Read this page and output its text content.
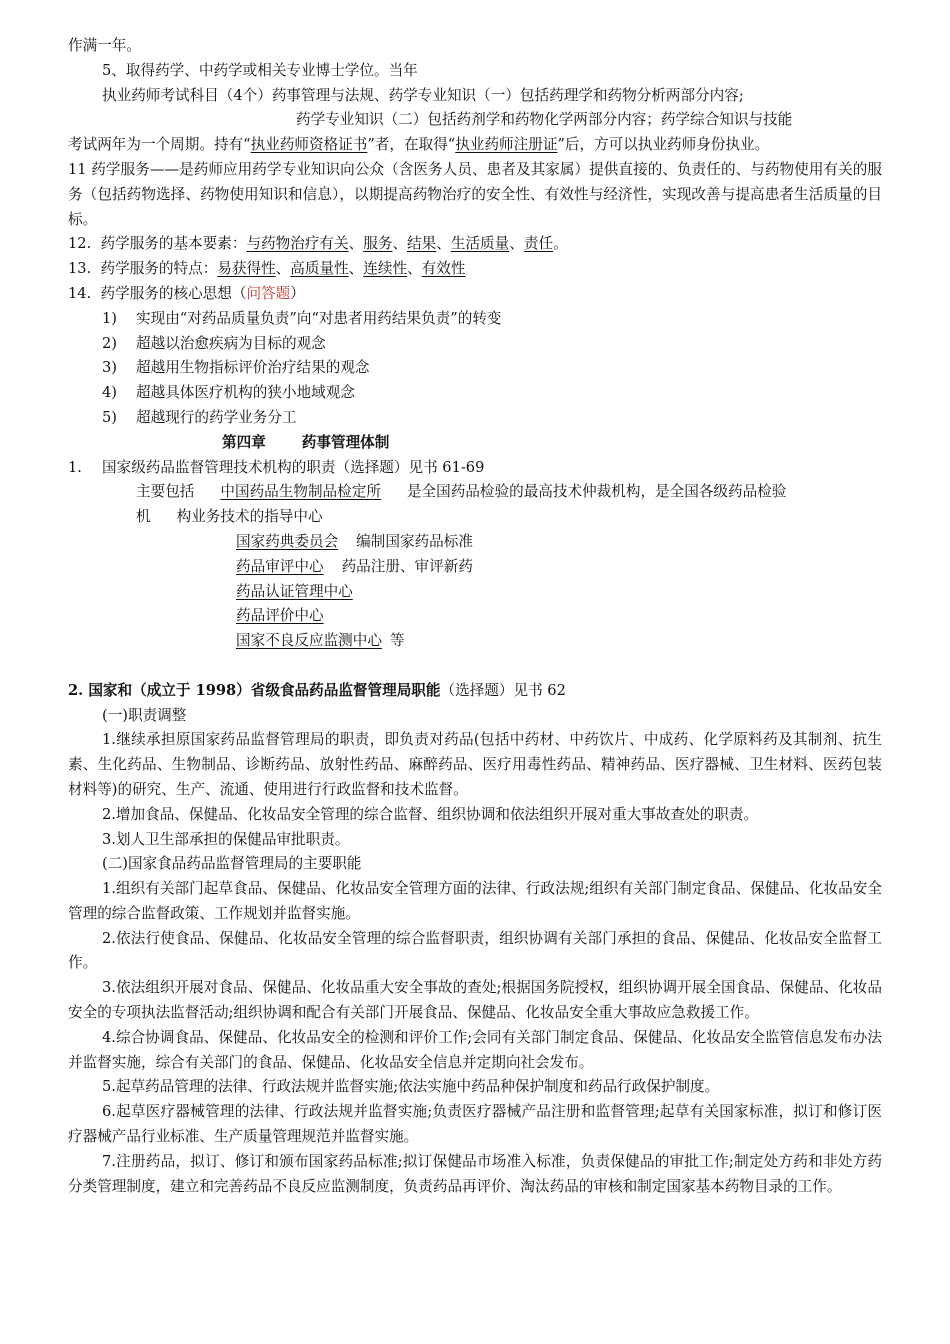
作满一年。

5、取得药学、中药学或相关专业博士学位。当年

执业药师考试科目（4个）药事管理与法规、药学专业知识（一）包括药理学和药物分析两部分内容;

药学专业知识（二）包括药剂学和药物化学两部分内容；药学综合知识与技能

考试两年为一个周期。持有“执业药师资格证书”者，在取得“执业药师注册证”后，方可以执业药师身份执业。

11 药学服务——是药师应用药学专业知识向公众（含医务人员、患者及其家属）提供直接的、负责任的、与药物使用有关的服务（包括药物选择、药物使用知识和信息），以期提高药物治疗的安全性、有效性与经济性，实现改善与提高患者生活质量的目标。

12. 药学服务的基本要素：与药物治疗有关、服务、结果、生活质量、责任。

13. 药学服务的特点：易获得性、高质量性、连续性、有效性

14. 药学服务的核心思想（问答题）

1)	实现由“对药品质量负责”向“对患者用药结果负责”的转变
2)	超越以治愈疾病为目标的观念
3)	超越用生物指标评价治疗结果的观念
4)	超越具体医疗机构的狭小地域观念
5)	超越现行的药学业务分工

第四章 药事管理体制

1.	国家级药品监督管理技术机构的职责（选择题）见书 61-69

主要包括 中国药品生物制品检定所 是全国药品检验的最高技术仲裁机构，是全国各级药品检验

机 构业务技术的指导中心

国家药典委员会 编制国家药品标准

药品审评中心 药品注册、审评新药

药品认证管理中心

药品评价中心

国家不良反应监测中心 等

2. 国家和（成立于 1998）省级食品药品监督管理局职能（选择题）见书 62

(一)职责调整

1.继续承担原国家药品监督管理局的职责，即负责对药品(包括中药材、中药饮片、中成药、化学原料药及其制剂、抗生素、生化药品、生物制品、诊断药品、放射性药品、麻醉药品、医疗用毒性药品、精神药品、医疗器械、卫生材料、医药包装材料等)的研究、生产、流通、使用进行行政监督和技术监督。

2.增加食品、保健品、化妆品安全管理的综合监督、组织协调和依法组织开展对重大事故查处的职责。

3.划人卫生部承担的保健品审批职责。

(二)国家食品药品监督管理局的主要职能

1.组织有关部门起草食品、保健品、化妆品安全管理方面的法律、行政法规;组织有关部门制定食品、保健品、化妆品安全管理的综合监督政策、工作规划并监督实施。

2.依法行使食品、保健品、化妆品安全管理的综合监督职责，组织协调有关部门承担的食品、保健品、化妆品安全监督工作。

3.依法组织开展对食品、保健品、化妆品重大安全事故的查处;根据国务院授权，组织协调开展全国食品、保健品、化妆品安全的专项执法监督活动;组织协调和配合有关部门开展食品、保健品、化妆品安全重大事故应急救援工作。

4.综合协调食品、保健品、化妆品安全的检测和评价工作;会同有关部门制定食品、保健品、化妆品安全监管信息发布办法并监督实施，综合有关部门的食品、保健品、化妆品安全信息并定期向社会发布。

5.起草药品管理的法律、行政法规并监督实施;依法实施中药品种保护制度和药品行政保护制度。

6.起草医疗器械管理的法律、行政法规并监督实施;负责医疗器械产品注册和监督管理;起草有关国家标准，拟订和修订医疗器械产品行业标准、生产质量管理规范并监督实施。

7.注册药品，拟订、修订和颁布国家药品标准;拟订保健品市场准入标准，负责保健品的审批工作;制定处方药和非处方药分类管理制度，建立和完善药品不良反应监测制度，负责药品再评价、淘汰药品的审核和制定国家基本药物目录的工作。
